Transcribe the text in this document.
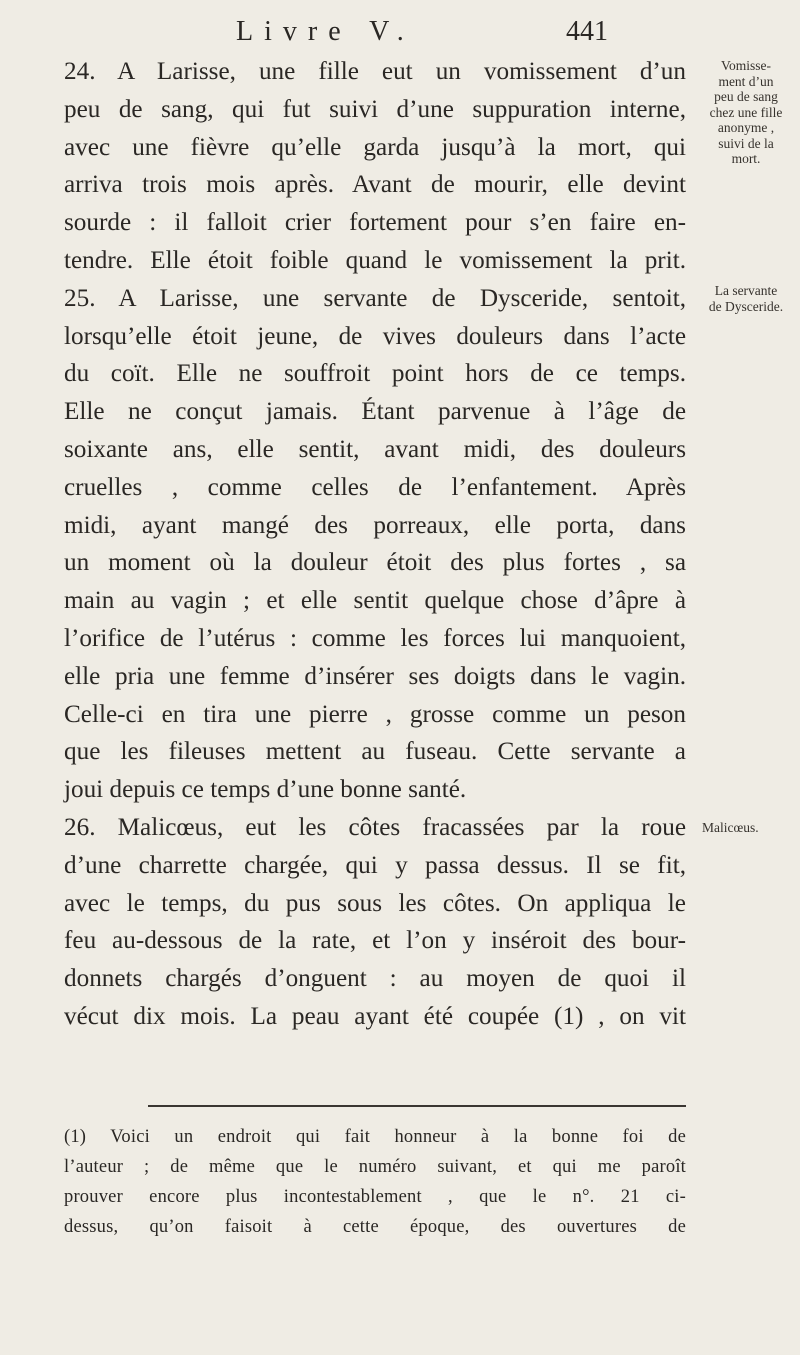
Livre V.	441
24. A Larisse, une fille eut un vomissement d’un
peu de sang, qui fut suivi d’une suppuration interne,
avec une fièvre qu’elle garda jusqu’à la mort, qui
arriva trois mois après. Avant de mourir, elle devint
sourde : il falloit crier fortement pour s’en faire en-
tendre. Elle étoit foible quand le vomissement la prit.
25. A Larisse, une servante de Dysceride, sentoit,
lorsqu’elle étoit jeune, de vives douleurs dans l’acte
du coït. Elle ne souffroit point hors de ce temps.
Elle ne conçut jamais. Étant parvenue à l’âge de
soixante ans, elle sentit, avant midi, des douleurs
cruelles , comme celles de l’enfantement. Après
midi, ayant mangé des porreaux, elle porta, dans
un moment où la douleur étoit des plus fortes , sa
main au vagin ; et elle sentit quelque chose d’âpre à
l’orifice de l’utérus : comme les forces lui manquoient,
elle pria une femme d’insérer ses doigts dans le vagin.
Celle-ci en tira une pierre , grosse comme un peson
que les fileuses mettent au fuseau. Cette servante a
joui depuis ce temps d’une bonne santé.
26. Malicœus, eut les côtes fracassées par la roue
d’une charrette chargée, qui y passa dessus. Il se fit,
avec le temps, du pus sous les côtes. On appliqua le
feu au-dessous de la rate, et l’on y inséroit des bour-
donnets chargés d’onguent : au moyen de quoi il
vécut dix mois. La peau ayant été coupée (1) , on vit
Vomisse-
ment d’un
peu de sang
chez une fille
anonyme ,
suivi de la
mort.
La servante
de Dysceride.
Malicœus.
(1) Voici un endroit qui fait honneur à la bonne foi de
l’auteur ; de même que le numéro suivant, et qui me paroît
prouver encore plus incontestablement , que le n°. 21 ci-
dessus, qu’on faisoit à cette époque, des ouvertures de
